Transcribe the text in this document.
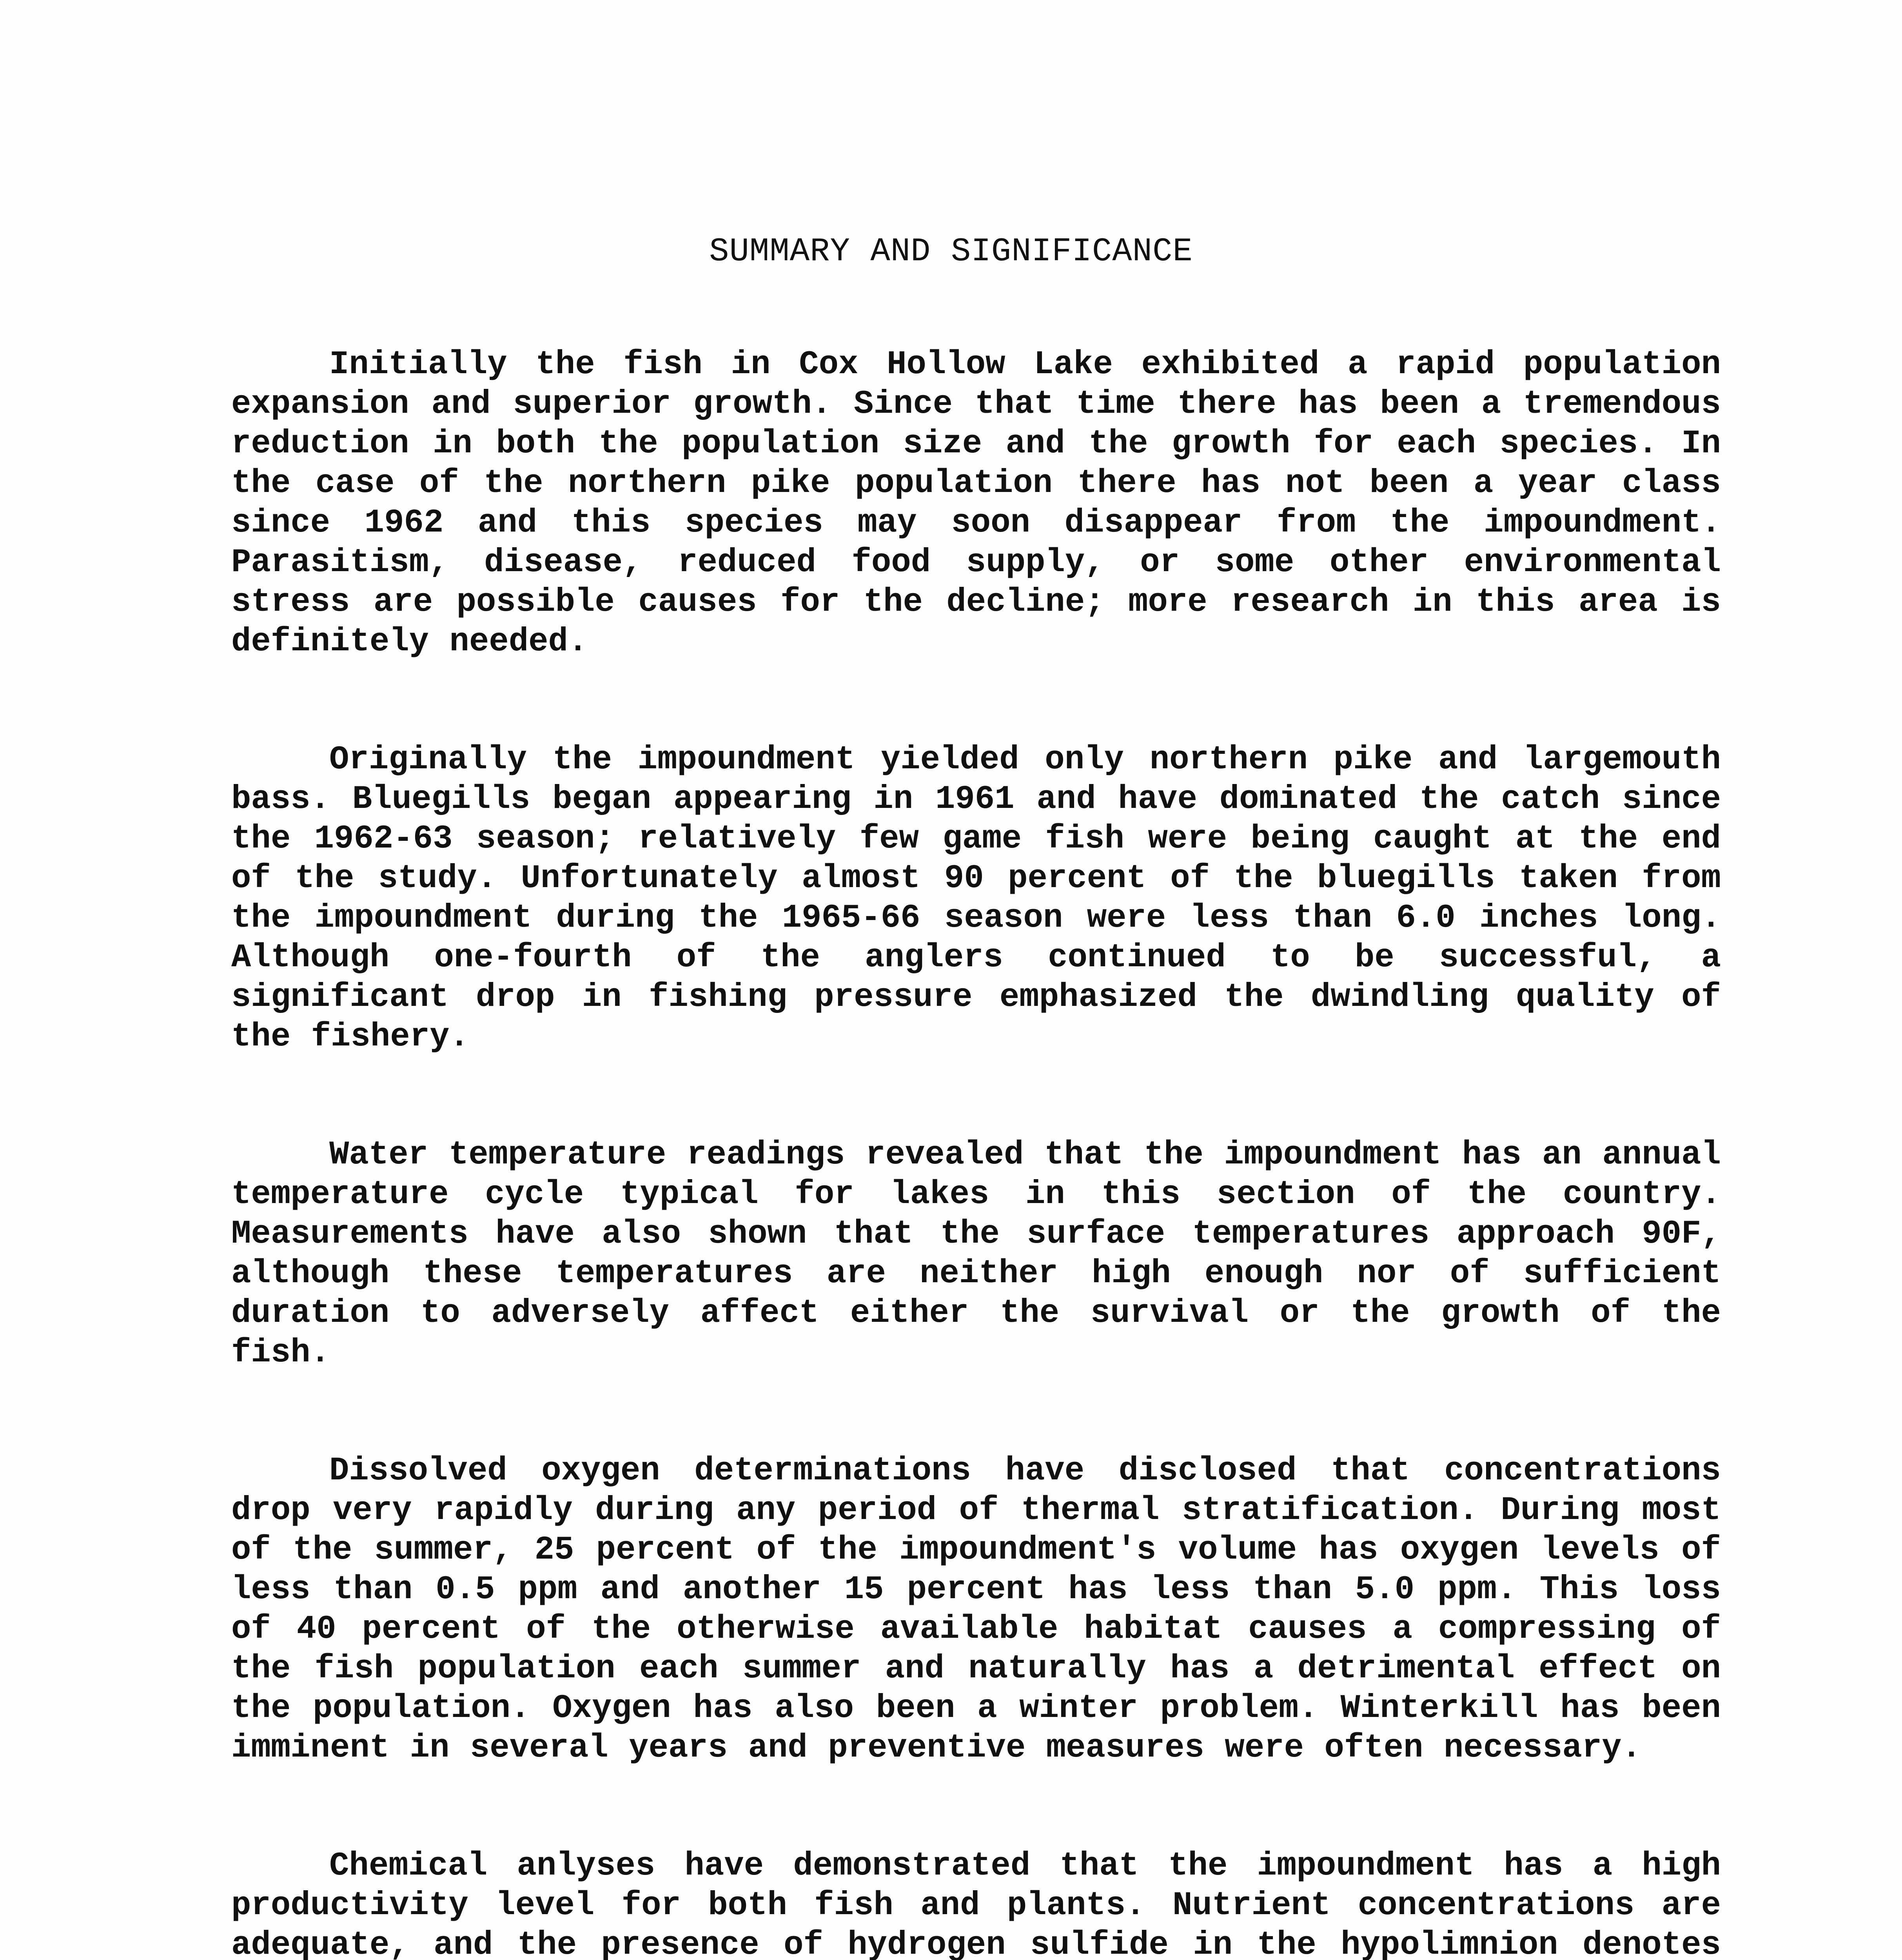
SUMMARY AND SIGNIFICANCE

Initially the fish in Cox Hollow Lake exhibited a rapid population expansion and superior growth. Since that time there has been a tremendous reduction in both the population size and the growth for each species. In the case of the northern pike population there has not been a year class since 1962 and this species may soon disappear from the impoundment. Parasitism, disease, reduced food supply, or some other environmental stress are possible causes for the decline; more research in this area is definitely needed.

Originally the impoundment yielded only northern pike and largemouth bass. Bluegills began appearing in 1961 and have dominated the catch since the 1962-63 season; relatively few game fish were being caught at the end of the study. Unfortunately almost 90 percent of the bluegills taken from the impoundment during the 1965-66 season were less than 6.0 inches long. Although one-fourth of the anglers continued to be successful, a significant drop in fishing pressure emphasized the dwindling quality of the fishery.

Water temperature readings revealed that the impoundment has an annual temperature cycle typical for lakes in this section of the country. Measurements have also shown that the surface temperatures approach 90F, although these temperatures are neither high enough nor of sufficient duration to adversely affect either the survival or the growth of the fish.

Dissolved oxygen determinations have disclosed that concentrations drop very rapidly during any period of thermal stratification. During most of the summer, 25 percent of the impoundment's volume has oxygen levels of less than 0.5 ppm and another 15 percent has less than 5.0 ppm. This loss of 40 percent of the otherwise available habitat causes a compressing of the fish population each summer and naturally has a detrimental effect on the population. Oxygen has also been a winter problem. Winterkill has been imminent in several years and preventive measures were often necessary.

Chemical anlyses have demonstrated that the impoundment has a high productivity level for both fish and plants. Nutrient concentrations are adequate, and the presence of hydrogen sulfide in the hypolimnion denotes
